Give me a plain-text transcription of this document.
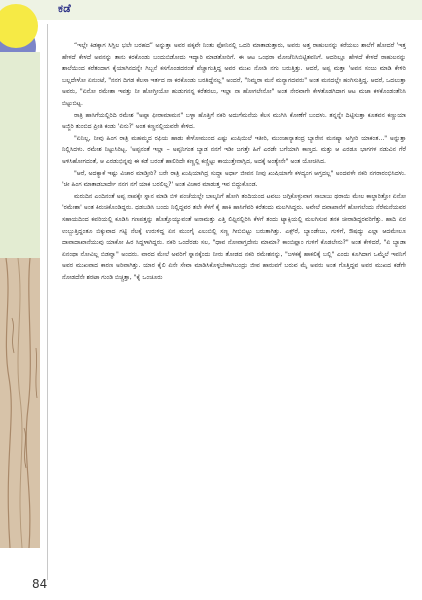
ಕಡೆ

“ಇಲ್ಲೇ ಕಿಡಕ್ಕಾಗ ಸಿಗ್ಲಿಲ ಭಲೇ ಬರಹದ” ಅನ್ನುತ್ತಾ ಅವರ ಪಕ್ಕವೇ ನಿಂತು ಫೋನಿನಲ್ಲಿ ಒದರಿ ಮಾತಾಡುತ್ತಾರು, ಅವರು ಅತ್ತ ರಾಹುಲನನ್ನು ಕರೆಯಲು ಶಾಲೆಗೆ ಹೋದರೆ 'ಇತ್ತ ಹೇಳದೆ ಕೇಳದೆ ಅವನನ್ನು ತಾನು ಕರಕೊಂಡು ಬಂದುಬಿಡೋದು ಇದ್ಯಾರಿ ಮಾಡತೋರಿಗೆ. ಈ ಆಟ ಒಂಥರಾ ಮೋಜೆನಿಸಿಬಿಟ್ಟಿತವನಿಗೆ. ಆದರಿಲ್ಲೂ ಹೇಳದೆ ಕೇಳದೆ ರಾಹುಲನನ್ನು ಶಾಲೆಯಿಂದ ಕರೆತಂದಾಗ ಕೈಯಾಗಿನದನ್ನೇ ಗಿಬ್ಬನೆ ಕಸಗೊಂಡದರಂತೆ ಪೆಚ್ಚಾಗುತ್ತಿದ್ದ ಅವರ ಮುಖ ನೋಡಿ ನಗು ಬರುತ್ತಿತ್ತು. ಆದರೆ, ಅಪ್ಪ ಮತ್ತಾ 'ಅವನ ಸಂಜು ಮಾಡಿ ಕೇಳಿರಿ ಬಲ್ಲದೇಳೋ ಏನುಂಟೆ, "ನನಗ ದಿಗಡ ಕೆಲಸಾ ಇರ್ತದ ನಾ ಕರಕೊಂಡು ಬರತಿದ್ದೆನಲ್ಲ" ಅಂದರೆ, "ನಿಮ್ದರಾ ಮನೆ ಮನ್ಯಾಗದವರು" ಅಂತ ಮನದಲ್ಲೇ ಹಂಗಿಸುತ್ತಿದ್ದ. ಆದರೆ, ಒದಲುತ್ತಾ ಅವರು, "ಏನೋ ರಮೇಶಾ ಇವತ್ತು ನೀ ಹೋಗ್ತೀಯೋ ಹುಡುಗನನ್ನ ಕರೆತರಲು, ಇಲ್ಲಾ ನಾ ಹೋಗಲೇನೋ" ಅಂತ ನೇರವಾಗೇ ಕೇಳತೊಡಗಿದಾಗ ಆಟ ಮಜಾ ಕಳಕೊಂಡಂತೆನಿಸಿ ಬಿಟ್ಟುಬಿಟ್ಟ.

ರಾತ್ರಿ ಹಾಸಿಗೆಯಲ್ಲಿರಿದಿ ರಮೇಶ "ಅಪ್ಪಾ ಫೀರಾಮಾಮನ" ಬಳ್ಳಾ ಹೊತ್ತಿಗೆ ನಕರಿ ಅದುಗೆಮನೆಯ ಕೆಲಸ ಮುಗಿಸಿ ಕೋಣೆಗೆ ಬಂದಳು. ತನ್ನನ್ನೇ ದಿಟ್ಟಿಸುತ್ತಾ ಕೂತವನ ಕಣ್ಣುಯಾ ಅಜ್ಜಿರಿ ತುಂಬಿದ ಪ್ರೀತಿ ಕಂಡು 'ಏನು?' ಅಂತ ಕಣ್ಣನಲ್ಲಿಯವರೇ ಕೇಳಿದ.

"ಏನಿಲ್ಲ, ನೀವು ಹಿಂಗ ರಾತ್ರಿ ಮಹಮ್ಮದ ರಫಿಯ ಹಾಡು ಕೇಳೋಮುಂದ ಎಷ್ಟು ಖುಷಿಯಿಲೆ ಇತೀರಿ, ಮುಂಜಾನ್ಯಾತಂದ್ರ ಬ್ಯಾರೇನ ಮನಷ್ಯಾ ಅಗ್ತೀರಿ ಯಾಕಂತ..." ಅನ್ನುತ್ತಾ ನಿಲ್ಲಿಸಿದಳು. ರಮೇಶ ನಿಟ್ಟುಸಿರಿಟ್ಟ. 'ಅಪ್ಪನಂತೆ ಇಲ್ಲಾ – ಅಪ್ಪನಿಗಂತ ಬ್ಯಾಡ ನನಗೆ ಇಡೀ ಜಗತ್ತೇ ಹಿಗೆ ಎರಡೇ ಬಗೆಯಾಗಿ ಕಾಣ್ತದ. ಮತ್ತು ಆ ಎರಡೂ ಭಾಗಗಳ ನಡುವಿನ ಗೆರೆ ಅಳಿಸಿಹೋಗದಂತೆ, ಆ ಎರಡುಭಿನ್ನವು ಈ ಕಡೆ ಬರಂತೆ ಹಾಲಿರಿದೇ ಕಣ್ಣಲ್ಲಿ ಕಣ್ಣಿಟ್ಟು ಕಾಯುತ್ತೇನಾಗ್ಸಿದ, ಅದಕ್ಕೆ ಅಂತ್ಯೇನೇ" ಅಂತ ಯೋಚಿಸಿದ.

"ಆರೆ, ಅದಕ್ಯಾಕೆ ಇಷ್ಟು ವಿಚಾರ ಮಾಡ್ತೀರಿ? ಬರೇ ರಾತ್ರಿ ಖುಷಿಯಾಗಿದ್ರ ಸುದ್ದಾ ಅರ್ಧಾ ಜೀವನ ನೀವು ಖುಷಿಯಾಗೇ ಕಳದ್ಯಂಗ ಆಗ್ತದಲ್ಲ" ಅಂದವಳೇ ನಕರಿ ನಗರಾರಂಭಿಸಿದಳು. 'ಚೀ ಹಿಂಗ ಮಾತಾಡಬಾರ್ದೇ ನನಗ ನಗೆ ಯಾಕ ಬರಲಿಲ್ಲ?' ಅಂತ ವಿಚಾರ ಮಾಡುತ್ತ ಇವ ಬಿದ್ದುಕೊಂಡ.

ಮರುದಿನ ಎಂದಿನಂತೆ ಅಪ್ಪ ನಾಪಕ್ಕೇ ಸ್ನಾನ ಮಾಡಿ ಬಿಳಿ ಪಂಚೆಯಲ್ಲೇ ಬಾಲ್ಕನಿಗೆ ಹೋಗಿ ತಂದಿಯಂದ ಟವಲು ಜಗ್ಗಿಕೊಳ್ಳುವಾಗ ಸಾಬಾಜು ಥರಾಯಿ ಮೇಲ ಕಾಲ್ಜಾರಿತ್ತೋ ಏನೋ 'ರಮೇಶಾ' ಅಂತ ಕಿರುಚಿಕೊಂಡಿದ್ದರು. ಧಡಬಡಿಸಿ ಬಂದು ನಿಲ್ಲಿದ್ದವರ ತಲೇ ಕೆಳಗೆ ಕೈ ಹಾಕಿ ಹಾಸಿಗೆವರಿ ಕರೆತಂದು ಮಲಗಿಸಿದ್ದರು. ಅವೇಲೆ ದವಾಖಾನೆಗೆ ಹೋಗಲೆಂದು ನೆರೆಮನೆಯವರ ಸಹಾಯದಿಂದ ಕವರಿಯಲ್ಲಿ ಕೂಡಿಸಿ ಗಣಪತ್ತನ್ನು ಹೊತ್ತೊಯ್ಯುವಂತೆ ಅನಾಮತ್ತು ಎತ್ತಿ ಲಿಫ್ಟಿನಲ್ಲಿರಿಸಿ ಕೆಳಗೆ ತಂದು ಟ್ಯಾಕ್ಸಿಯಲ್ಲಿ ಮಲಗಿಸುವ ತನಕ ಚೀರಾಡಿದ್ದರವರಿಗೆತ್ತು. ಹಾದಿ ಏರ ಉಬ್ಬುತ್ತಿದ್ದಂತೂ ಬಿಕ್ಕುವಾದ ಗಟ್ಟಿ ನೆಲಕ್ಕೆ ಉರುಳಿದ್ದ ಏನ ಮುಂಗೈ ಎಲುಬಿಲ್ಲಿ ಸಣ್ಣ ಗೀಬಿಬಿಟ್ಟು ಬರುತಾಗಿತ್ತು. ಎಕ್ಸ್‌ರೆ, ಬ್ಯಾಂಡೇಜು, ಗುಳಿಗೆ, ಔಷದ್ಯು ಎಲ್ಲಾ ಆದಮೇಲೂ ದಾವಾದಾಖಾನೆಯುವು ಯಾಕೋ ಹಿರ ಸಿದ್ದಳಾಗಿದ್ದರು. ನಕರಿ ಒಂದೆರಡು ಸಲ, "ಧಾವ ನೋವಾಗ್ತದೇನು ಮಾಮಾ? ಕಾಂಬಿಫ್ಲಾಂ ಗುಳಿಗೆ ಕೊಡಲೇನು?" ಅಂತ ಕೇಳಿದರೆ, "ಏ ಬ್ಯಾಡಾ ಏನಂಥಾ ನೋವಿಲ್ಲ ಬಿಡವ್ವಾ" ಅಂದರು. ವಾರದ ಮೇಲೆ ಅವರಿಗೆ ಸ್ನಾನಕ್ಕೆಂದು ನೀರು ತೋಡದ ನಕರಿ ರಮೇಶನನ್ನು, "ಜಳಕಕ್ಕೆ ಹಾಕಲಿಕ್ಕೆ ಬಲ್ಲಿ" ಎಂದು ಕೂಗಿದಾಗ ಒಮ್ಮೆಲೆ ಇವನಿಗೆ ಅವರ ಮುಖವಾದ ಕಾರಣ ಅರಿವಾಗಿತ್ತು. ಯಾರ ಕೈಲಿ ಏನೇ ಸೇವಾ ಮಾಡಿಸಿಕೊಳ್ಳಬೇಕಾಗಿಬಂದ್ರು ಜೀವ ಹಾರುವಗೆ ಬರುವ ಮೈ ಅವರು ಅಂತ ಗೊತ್ತಿದ್ದವ ಅವರ ಮುಖದ ಕಡೆಗೇ ನೋಡದೆನೇ ಶರಟಾ ಗುಂಡಿ ಬಿಚ್ಚತ್ತಾ, "ಕೈ ಒಂಚೂರು

84
